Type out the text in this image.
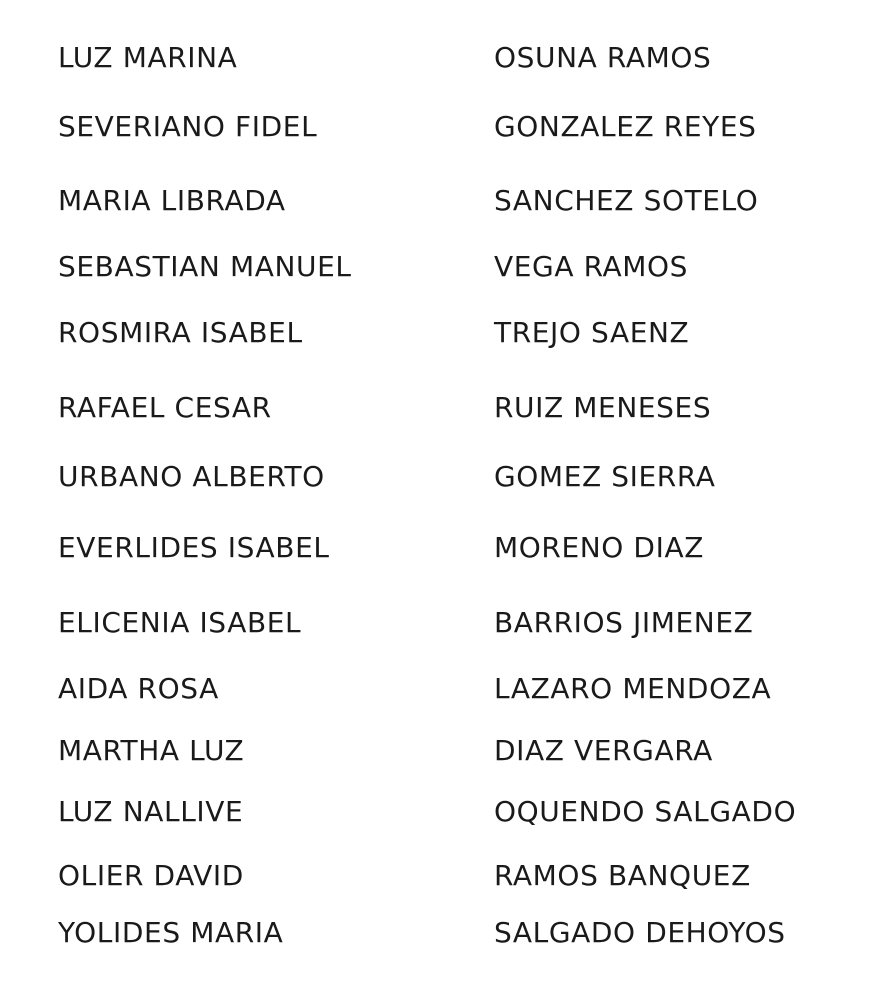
LUZ MARINA	OSUNA RAMOS
SEVERIANO FIDEL	GONZALEZ REYES
MARIA LIBRADA	SANCHEZ SOTELO
SEBASTIAN MANUEL	VEGA RAMOS
ROSMIRA ISABEL	TREJO SAENZ
RAFAEL CESAR	RUIZ MENESES
URBANO ALBERTO	GOMEZ SIERRA
EVERLIDES ISABEL	MORENO DIAZ
ELICENIA ISABEL	BARRIOS JIMENEZ
AIDA ROSA	LAZARO MENDOZA
MARTHA LUZ	DIAZ VERGARA
LUZ NALLIVE	OQUENDO SALGADO
OLIER DAVID	RAMOS BANQUEZ
YOLIDES MARIA	SALGADO DEHOYOS
